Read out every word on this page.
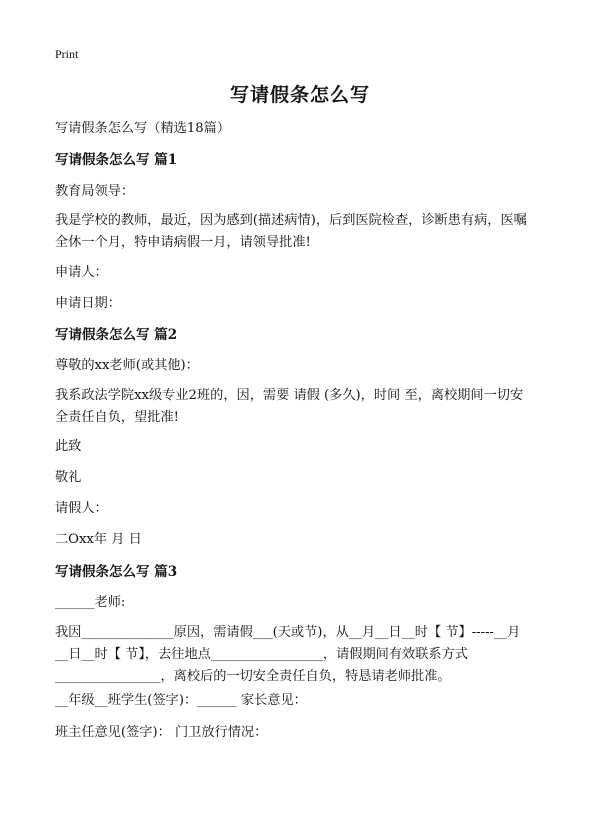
Print
写请假条怎么写
写请假条怎么写（精选18篇）
写请假条怎么写 篇1
教育局领导：
我是学校的教师，最近，因为感到(描述病情)，后到医院检查，诊断患有病，医嘱
全休一个月，特申请病假一月，请领导批准!
申请人：
申请日期：
写请假条怎么写 篇2
尊敬的xx老师(或其他)：
我系政法学院xx级专业2班的，因，需要 请假 (多久)，时间 至，离校期间一切安
全责任自负，望批准!
此致
敬礼
请假人：
二Oxx年 月 日
写请假条怎么写 篇3
______老师:
我因______________原因，需请假___(天或节)，从__月__日__时【 节】-----__月
__日__时【 节】，去往地点_________________，请假期间有效联系方式
________________，离校后的一切安全责任自负，特恳请老师批准。
__年级__班学生(签字)：______ 家长意见：
班主任意见(签字)： 门卫放行情况：
